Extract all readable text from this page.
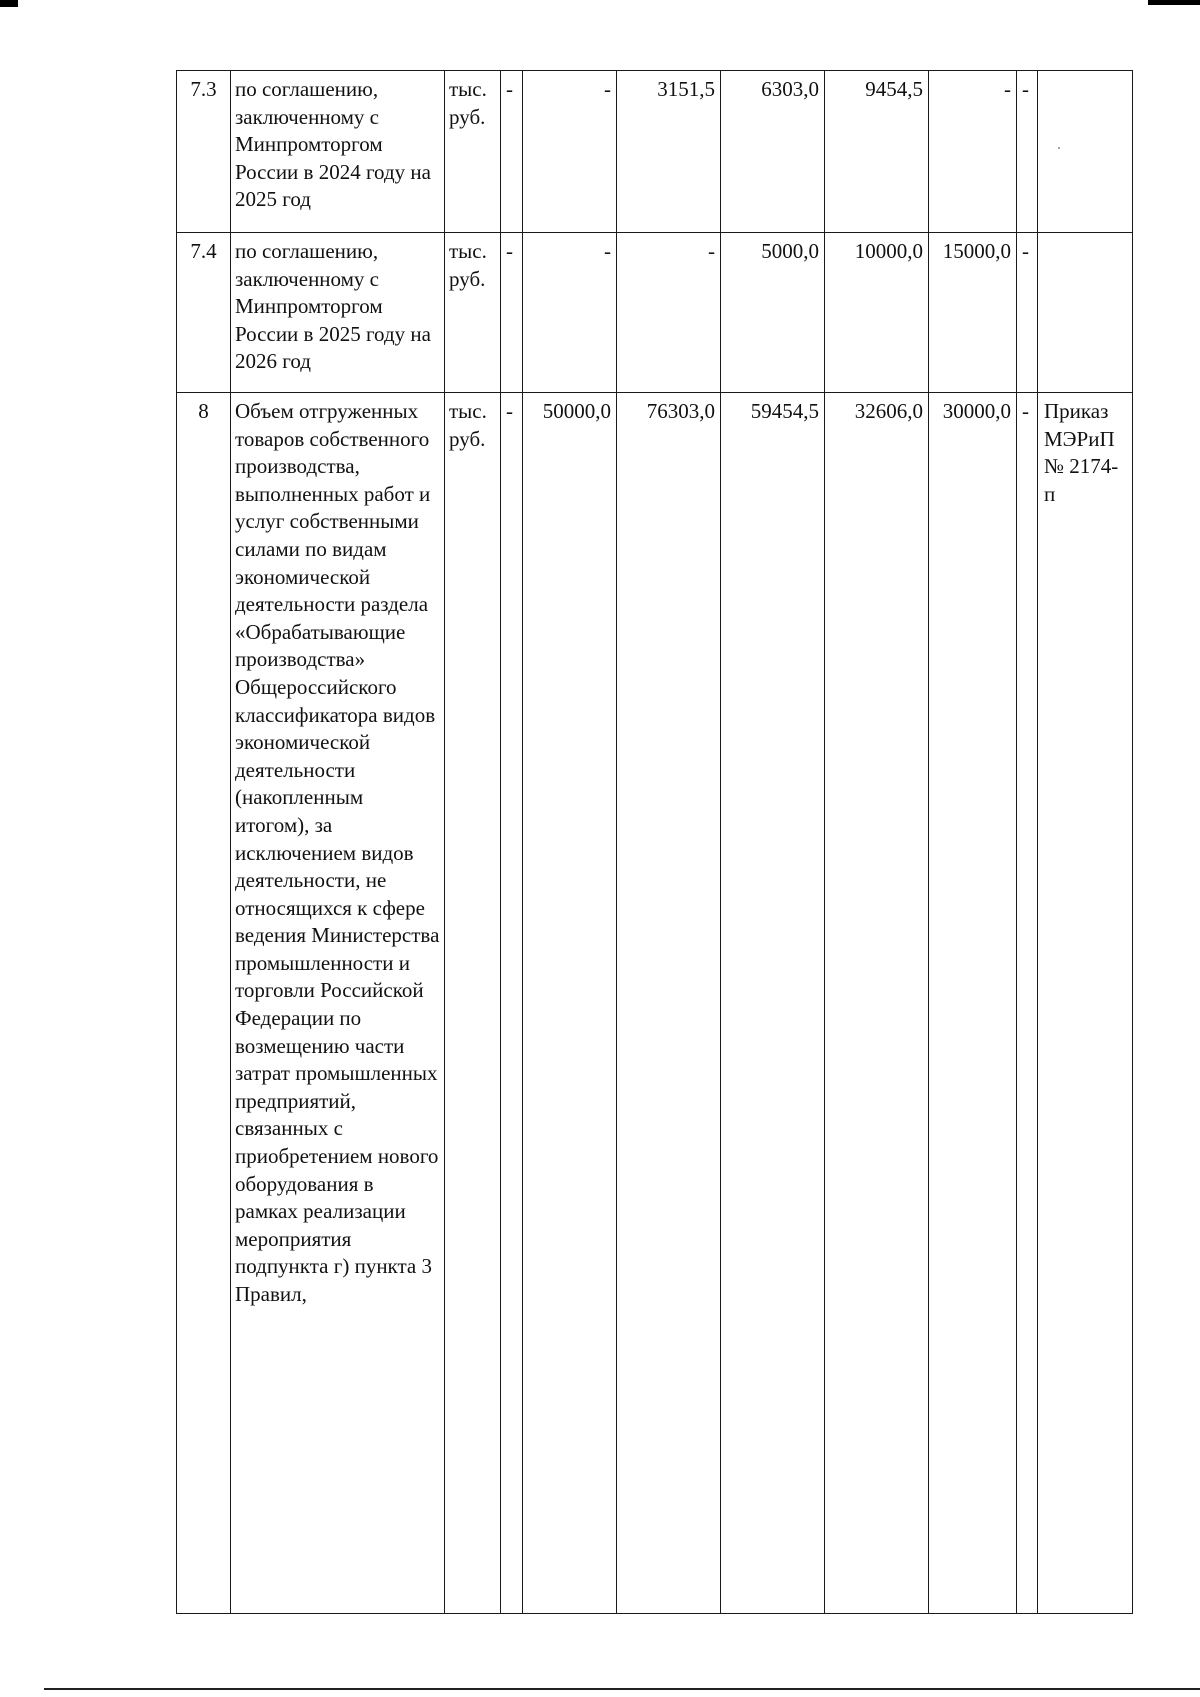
7.3	по соглашению, заключенному с Минпромторгом России в 2024 году на 2025 год	тыс. руб.	-	-	3151,5	6303,0	9454,5	-	-	
7.4	по соглашению, заключенному с Минпромторгом России в 2025 году на 2026 год	тыс. руб.	-	-	-	5000,0	10000,0	15000,0	-	
8	Объем отгруженных товаров собственного производства, выполненных работ и услуг собственными силами по видам экономической деятельности раздела «Обрабатывающие производства» Общероссийского классификатора видов экономической деятельности (накопленным итогом), за исключением видов деятельности, не относящихся к сфере ведения Министерства промышленности и торговли Российской Федерации по возмещению части затрат промышленных предприятий, связанных с приобретением нового оборудования в рамках реализации мероприятия подпункта г) пункта 3 Правил,	тыс. руб.	-	50000,0	76303,0	59454,5	32606,0	30000,0	-	Приказ МЭРиП № 2174-п
